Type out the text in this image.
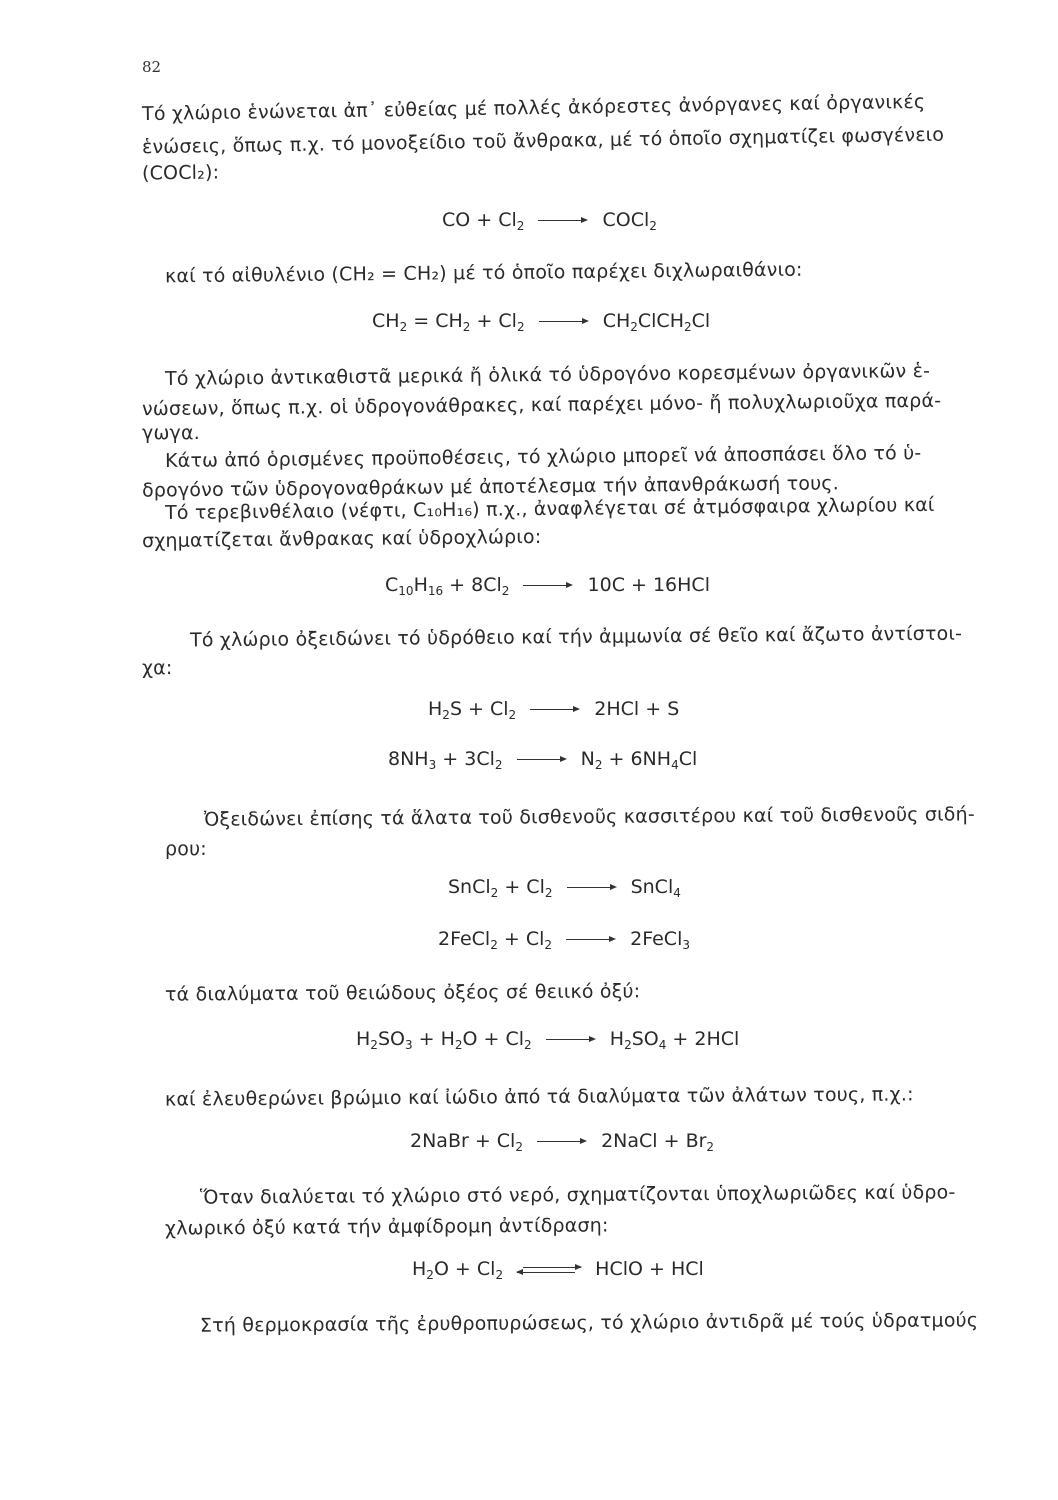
82
Τό χλώριο ἑνώνεται ἀπ᾽ εὐθείας μέ πολλές ἀκόρεστες ἀνόργανες καί ὀργανικές
ἑνώσεις, ὅπως π.χ. τό μονοξείδιο τοῦ ἄνθρακα, μέ τό ὁποῖο σχηματίζει φωσγένειο
(COCl₂):
CO + $Cl_2$	COCl$_2$
καί τό αἰθυλένιο (CH₂ = CH₂) μέ τό ὁποῖο παρέχει διχλωραιθάνιο:
$CH_2 = CH_2 + Cl_2$	$CH_2ClCH_2Cl$
Τό χλώριο ἀντικαθιστᾶ μερικά ἤ ὁλικά τό ὑδρογόνο κορεσμένων ὀργανικῶν ἑ-
νώσεων, ὅπως π.χ. οἱ ὑδρογονάθρακες, καί παρέχει μόνο- ἤ πολυχλωριοῦχα παρά-
γωγα.
Κάτω ἀπό ὁρισμένες προϋποθέσεις, τό χλώριο μπορεῖ νά ἀποσπάσει ὅλο τό ὑ-
δρογόνο τῶν ὑδρογοναθράκων μέ ἀποτέλεσμα τήν ἀπανθράκωσή τους.
Τό τερεβινθέλαιο (νέφτι, C₁₀H₁₆) π.χ., ἀναφλέγεται σέ ἀτμόσφαιρα χλωρίου καί
σχηματίζεται ἄνθρακας καί ὑδροχλώριο:
$C_{10}H_{16} + 8Cl_2$	10C + 16HCl
Τό χλώριο ὀξειδώνει τό ὑδρόθειο καί τήν ἀμμωνία σέ θεῖο καί ἄζωτο ἀντίστοι-
χα:
$H_2S + Cl_2$	2HCl + S
$8NH_3 + 3Cl_2$	$N_2 + 6NH_4Cl$
Ὀξειδώνει ἐπίσης τά ἅλατα τοῦ δισθενοῦς κασσιτέρου καί τοῦ δισθενοῦς σιδή-
ρου:
SnCl$_2$ + $Cl_2$	SnCl$_4$
2FeCl$_2$ + $Cl_2$	2FeCl$_3$
τά διαλύματα τοῦ θειώδους ὀξέος σέ θειικό ὀξύ:
$H_2SO_3 + H_2O + Cl_2$	$H_2SO_4 + 2HCl$
καί ἐλευθερώνει βρώμιο καί ἰώδιο ἀπό τά διαλύματα τῶν ἀλάτων τους, π.χ.:
2NaBr + $Cl_2$	2NaCl + $Br_2$
Ὅταν διαλύεται τό χλώριο στό νερό, σχηματίζονται ὑποχλωριῶδες καί ὑδρο-
χλωρικό ὀξύ κατά τήν ἀμφίδρομη ἀντίδραση:
$H_2O + Cl_2$ ⇌ HClO + HCl
Στή θερμοκρασία τῆς ἐρυθροπυρώσεως, τό χλώριο ἀντιδρᾶ μέ τούς ὑδρατμούς
